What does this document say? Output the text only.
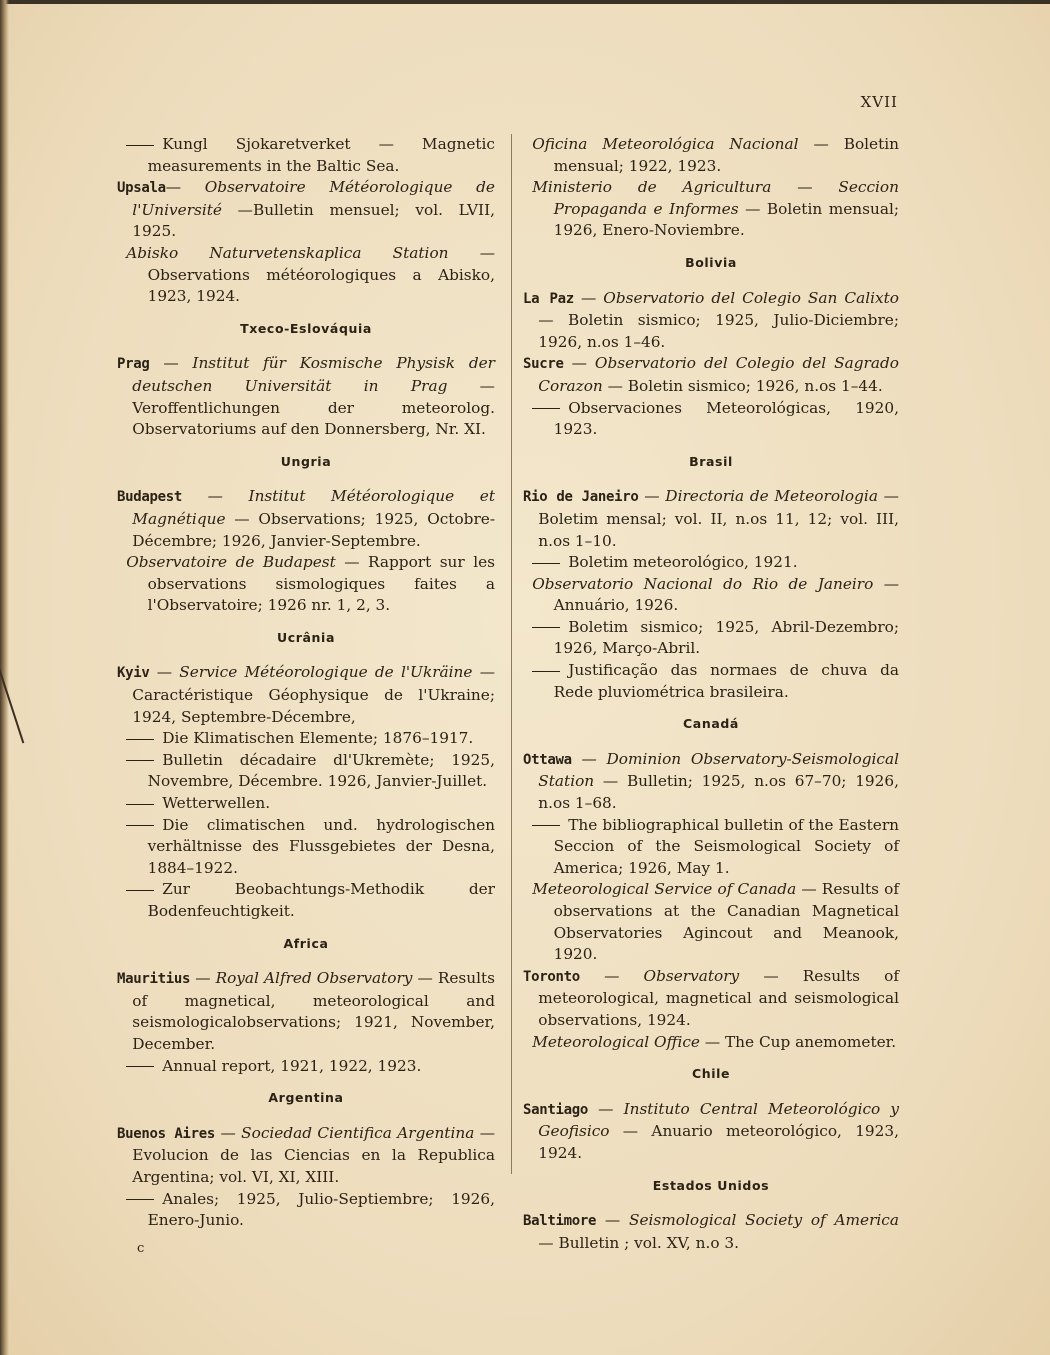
XVII

Kungl Sjokaretverket — Magnetic measurements in the Baltic Sea.

Upsala— Observatoire Météorologique de l'Université —Bulletin mensuel; vol. LVII, 1925.

Abisko Naturvetenskaplica Station — Observations météorologiques a Abisko, 1923, 1924.

Txeco-Eslováquia

Prag — Institut für Kosmische Physisk der deutschen Universität in Prag — Veroffentlichungen der meteorolog. Observatoriums auf den Donnersberg, Nr. XI.

Ungria

Budapest — Institut Météorologique et Magnétique — Observations; 1925, Octobre-Décembre; 1926, Janvier-Septembre.

Observatoire de Budapest — Rapport sur les observations sismologiques faites a l'Observatoire; 1926 nr. 1, 2, 3.

Ucrânia

Kyiv — Service Météorologique de l'Ukräine — Caractéristique Géophysique de l'Ukraine; 1924, Septembre-Décembre,

Die Klimatischen Elemente; 1876–1917.

Bulletin décadaire dl'Ukremète; 1925, Novembre, Décembre. 1926, Janvier-Juillet.

Wetterwellen.

Die climatischen und. hydrologischen verhältnisse des Flussgebietes der Desna, 1884–1922.

Zur Beobachtungs-Methodik der Bodenfeuchtigkeit.

Africa

Mauritius — Royal Alfred Observatory — Results of magnetical, meteorological and seismologicalobservations; 1921, November, December.

Annual report, 1921, 1922, 1923.

Argentina

Buenos Aires — Sociedad Cientifica Argentina — Evolucion de las Ciencias en la Republica Argentina; vol. VI, XI, XIII.

Anales; 1925, Julio-Septiembre; 1926, Enero-Junio.

c

Oficina Meteorológica Nacional — Boletin mensual; 1922, 1923.

Ministerio de Agricultura — Seccion Propaganda e Informes — Boletin mensual; 1926, Enero-Noviembre.

Bolivia

La Paz — Observatorio del Colegio San Calixto — Boletin sismico; 1925, Julio-Diciembre; 1926, n.os 1–46.

Sucre — Observatorio del Colegio del Sagrado Corazon — Boletin sismico; 1926, n.os 1–44.

Observaciones Meteorológicas, 1920, 1923.

Brasil

Rio de Janeiro — Directoria de Meteorologia — Boletim mensal; vol. II, n.os 11, 12; vol. III, n.os 1–10.

Boletim meteorológico, 1921.

Observatorio Nacional do Rio de Janeiro — Annuário, 1926.

Boletim sismico; 1925, Abril-Dezembro; 1926, Março-Abril.

Justificação das normaes de chuva da Rede pluviométrica brasileira.

Canadá

Ottawa — Dominion Observatory-Seismological Station — Bulletin; 1925, n.os 67–70; 1926, n.os 1–68.

The bibliographical bulletin of the Eastern Seccion of the Seismological Society of America; 1926, May 1.

Meteorological Service of Canada — Results of observations at the Canadian Magnetical Observatories Agincout and Meanook, 1920.

Toronto — Observatory — Results of meteorological, magnetical and seismological observations, 1924.

Meteorological Office — The Cup anemometer.

Chile

Santiago — Instituto Central Meteorológico y Geofisico — Anuario meteorológico, 1923, 1924.

Estados Unidos

Baltimore — Seismological Society of America — Bulletin ; vol. XV, n.o 3.
